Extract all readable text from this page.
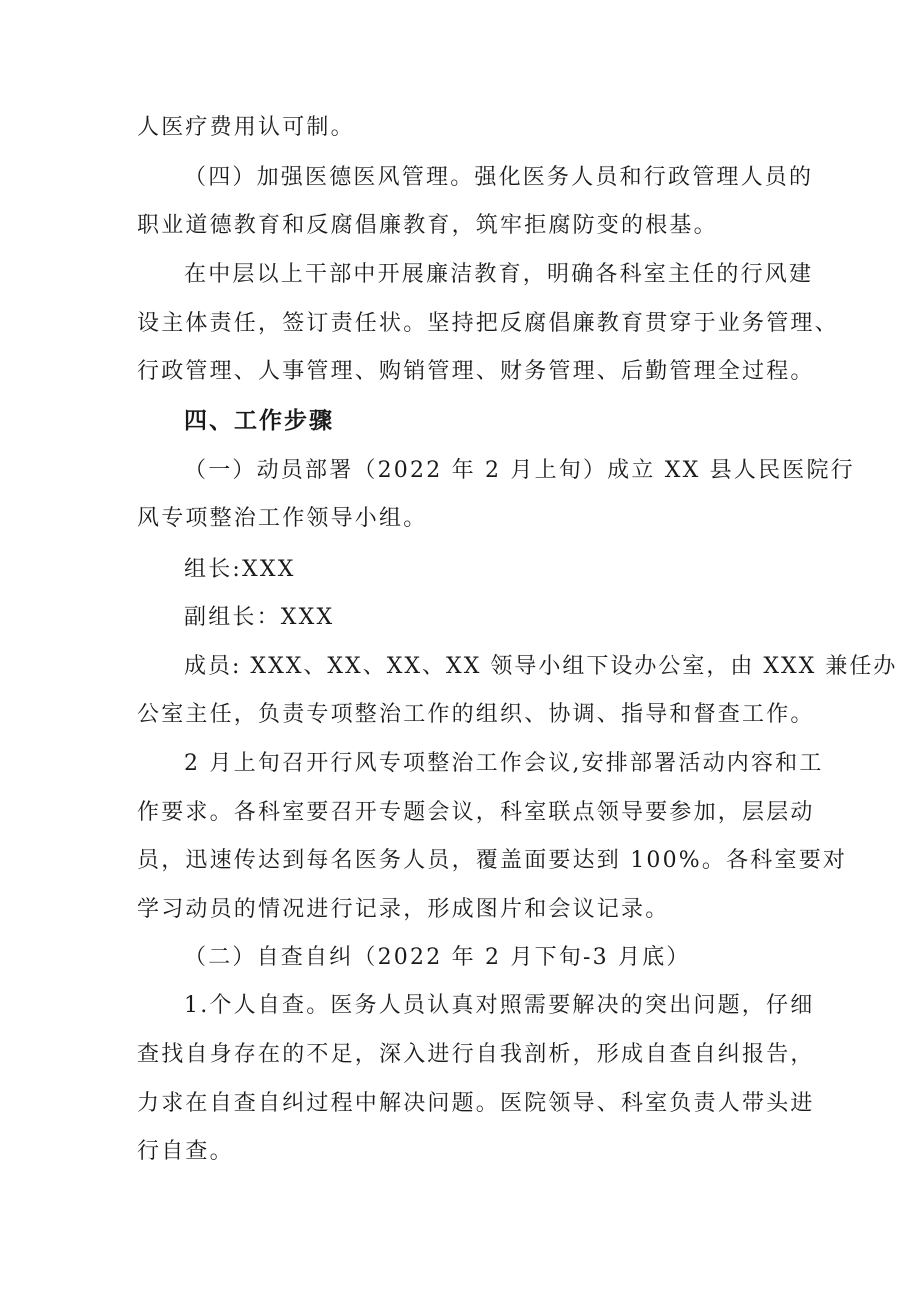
人医疗费用认可制。
（四）加强医德医风管理。强化医务人员和行政管理人员的
职业道德教育和反腐倡廉教育，筑牢拒腐防变的根基。
在中层以上干部中开展廉洁教育，明确各科室主任的行风建
设主体责任，签订责任状。坚持把反腐倡廉教育贯穿于业务管理、
行政管理、人事管理、购销管理、财务管理、后勤管理全过程。
四、工作步骤
（一）动员部署（2022 年 2 月上旬）成立 XX 县人民医院行
风专项整治工作领导小组。
组长:XXX
副组长：XXX
成员: XXX、XX、XX、XX 领导小组下设办公室，由 XXX 兼任办
公室主任，负责专项整治工作的组织、协调、指导和督查工作。
2 月上旬召开行风专项整治工作会议,安排部署活动内容和工
作要求。各科室要召开专题会议，科室联点领导要参加，层层动
员，迅速传达到每名医务人员，覆盖面要达到 100%。各科室要对
学习动员的情况进行记录，形成图片和会议记录。
（二）自查自纠（2022 年 2 月下旬-3 月底）
1.个人自查。医务人员认真对照需要解决的突出问题，仔细
查找自身存在的不足，深入进行自我剖析，形成自查自纠报告，
力求在自查自纠过程中解决问题。医院领导、科室负责人带头进
行自查。
